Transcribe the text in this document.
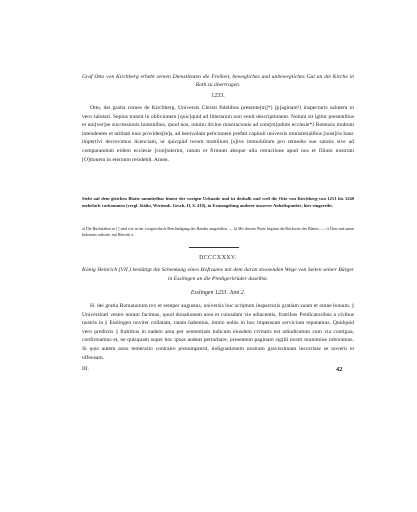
Graf Otto von Kirchberg erhebt seinen Dienstleuten die Freiheit, bewegliches und unbewegliches Gut an die Kirche in Roth zu übertragen.

1233.

Otto, dei gratia comes de Kirchberg. Universis Christi fidelibus presente[m]*) [p]aginam¹) inspecturis salutem in vero salutari. Sepius transit in oblivionem [quic]quid ad litterarum non venit descriptionem. Notum sit igitur presentibus et uni[ver]se successionis hominibus, quod nos, intuitu divine miseracionis ad com[m]odum ecclesie*) Rotensis multum intendentes et utilitati eius providen[te]s, ad benivolam peticionem prefati capituli universis ministerialibus [nost]ris hanc impertivi decrevimus licenciam, ut quicquid rerum mobilium [s]ive immobilium pro remedio sue salutis sive ad comparandum eidem ecclesie [con]tulerint, ratum et firmum absque ulla retractione apud nos et filium nostrum [O]ttonem in eternum resideblt. Amen.

Steht auf dem gleichen Blatte unmittelbar hinter der vorigen Urkunde und ist deshalb und weil die Otto von Kirchberg von 1213 bis 1240 mehrfach vorkommen (vergl. Stälin, Wirtemb. Gesch. II, S. 410), in Ermangelung anderer äusserer Anhaltspunkte, hier eingereiht.

a) Die Buchstaben in [ ] sind wie in der vorigen durch Beschädigung des Bandes ausgefallen. — b) Mit diesem Worte beginnt die Rückseite des Blattes. — c) Über und unten Indemnis radicale, mit Bleistift a.

DCCCXXXV.

König Heinrich (VII.) bestätigt die Schenkung eines Hofraums mit dem daran stossenden Wege von Seiten seiner Bürger in Esslingen an die Predigerbrüder daselbst.

Esslingen 1233. Juni 2.

H. dei gratia Romanorum rex et semper augustus, universis hoc scriptum inspecturis gratiam suam et omne bonum. || Universitati vestre notum facimus, quod donationem area et cuiusdam vie adiacentis, fratribus Predicatoribus a civibus nostris in || Esslingen noviter collatam, ratam habemus, immo nobis in hoc impensum servicium reputamus. Quidquid vero predictis || fratribus in eadem area per sententiam iudicum eiusdem civitatis est adiudicatum cum via contigua, confirmamus et, ne quisquam super hoc ipsos audeat perturbare, presentem paginam sigilli nostri munimine roboramus. Si quis autem ausu temerario contraire presumpserit, indignationem nostram gravissimam incurrisse se noverit et offensam.

III.	42
